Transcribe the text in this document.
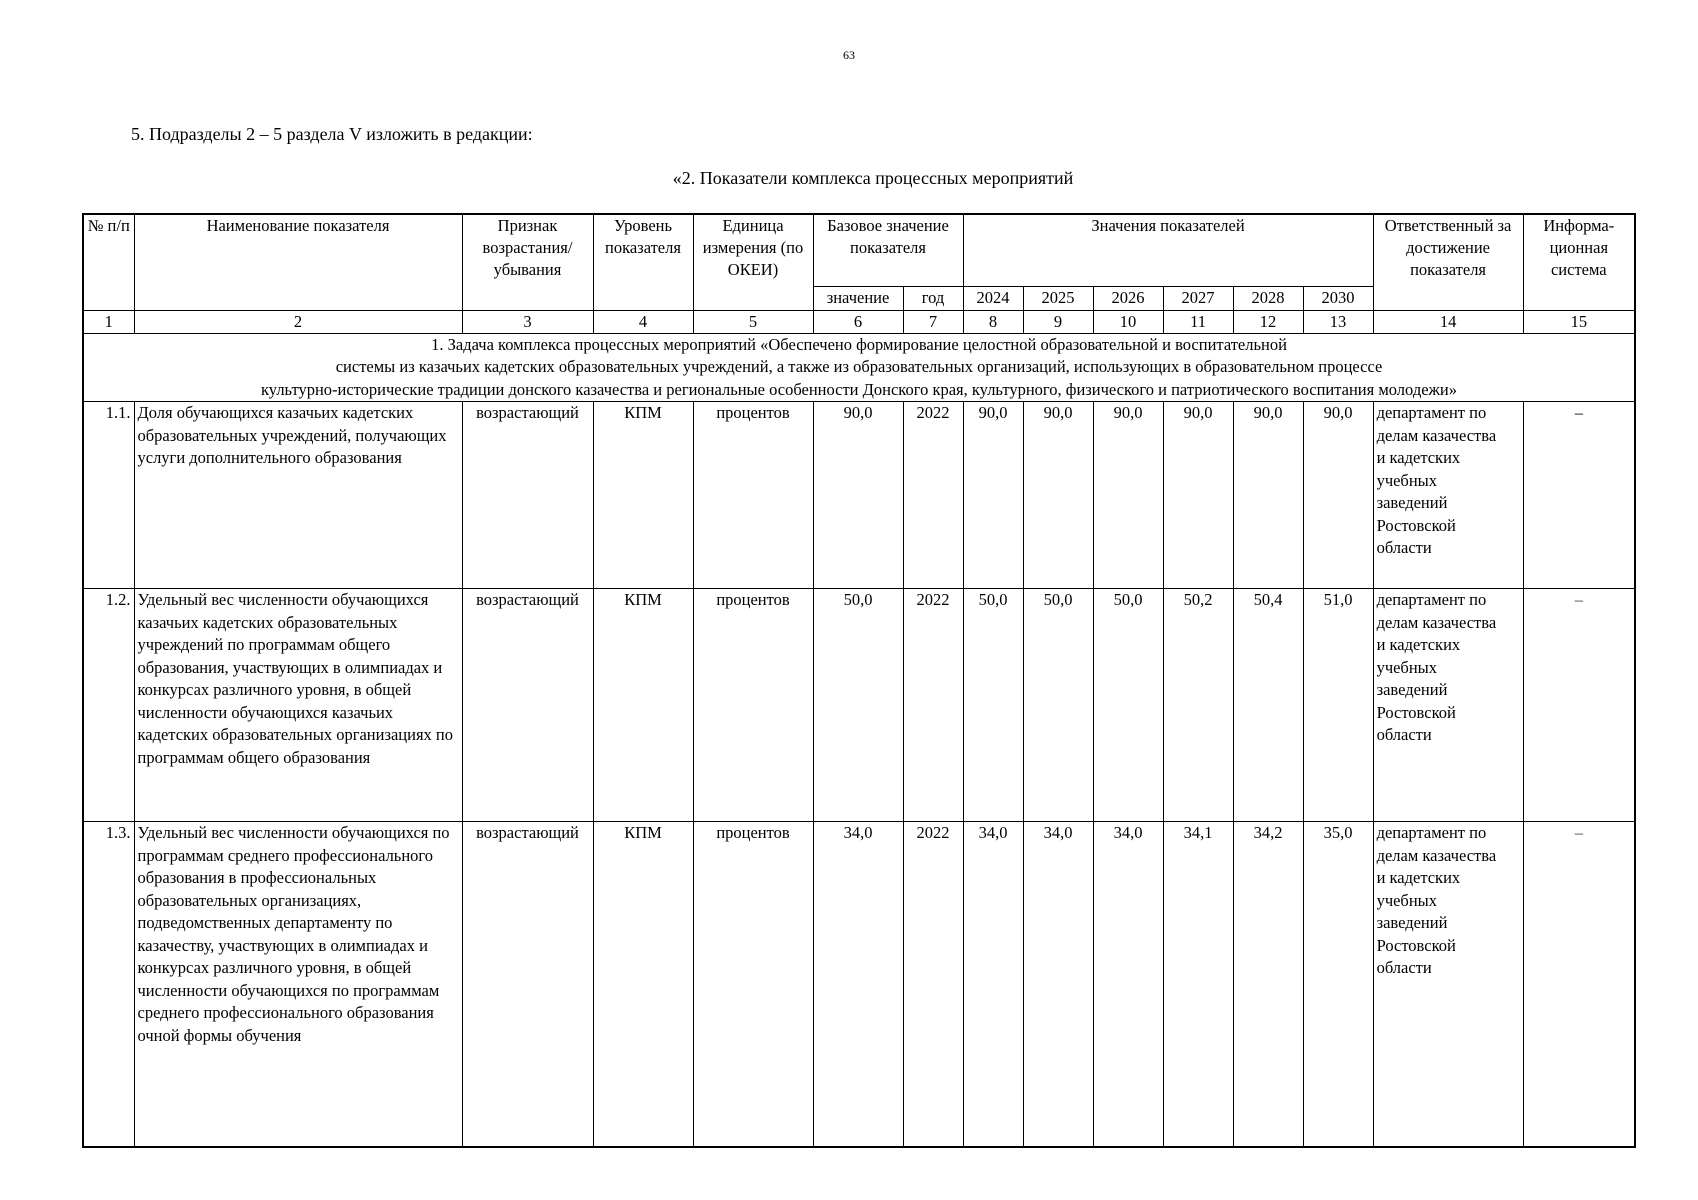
63
5. Подразделы 2 – 5 раздела V изложить в редакции:
«2. Показатели комплекса процессных мероприятий
№ п/п	Наименование показателя	Признак возрастания/ убывания	Уровень показателя	Единица измерения (по ОКЕИ)	Базовое значение показателя		Значения показателей						Ответственный за достижение показателя	Информа-ционная система
					значение	год	2024	2025	2026	2027	2028	2030		
1	2	3	4	5	6	7	8	9	10	11	12	13	14	15

1. Задача комплекса процессных мероприятий «Обеспечено формирование целостной образовательной и воспитательной
системы из казачьих кадетских образовательных учреждений, а также из образовательных организаций, использующих в образовательном процессе
культурно-исторические традиции донского казачества и региональные особенности Донского края, культурного, физического и патриотического воспитания молодежи»														

1.1.	Доля обучающихся казачьих кадетских образовательных учреждений, получающих услуги дополнительного образования	возрастающий	КПМ	процентов	90,0	2022	90,0	90,0	90,0	90,0	90,0	90,0	департамент по делам казачества и кадетских учебных заведений Ростовской области	–
1.2.	Удельный вес численности обучающихся казачьих кадетских образовательных учреждений по программам общего образования, участвующих в олимпиадах и конкурсах различного уровня, в общей численности обучающихся казачьих кадетских образовательных организациях по программам общего образования	возрастающий	КПМ	процентов	50,0	2022	50,0	50,0	50,0	50,2	50,4	51,0	департамент по делам казачества и кадетских учебных заведений Ростовской области	–
1.3.	Удельный вес численности обучающихся по программам среднего профессионального образования в профессиональных образовательных организациях, подведомственных департаменту по казачеству, участвующих в олимпиадах и конкурсах различного уровня, в общей численности обучающихся по программам среднего профессионального образования очной формы обучения	возрастающий	КПМ	процентов	34,0	2022	34,0	34,0	34,0	34,1	34,2	35,0	департамент по делам казачества и кадетских учебных заведений Ростовской области	–
